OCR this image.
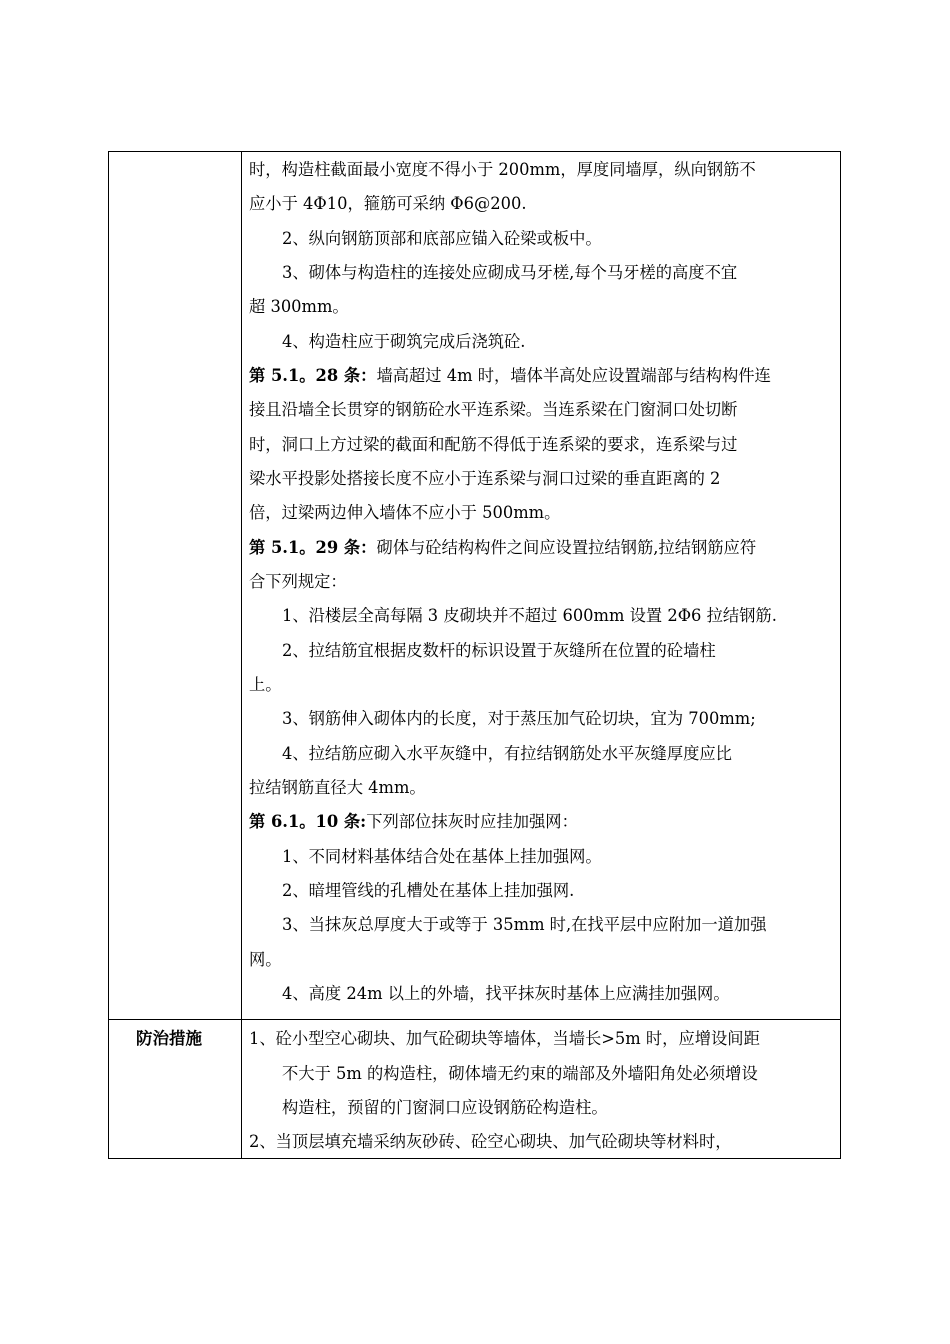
时，构造柱截面最小宽度不得小于 200mm，厚度同墙厚，纵向钢筋不
应小于 4Φ10，箍筋可采纳 Φ6@200.
2、纵向钢筋顶部和底部应锚入砼梁或板中。
3、砌体与构造柱的连接处应砌成马牙槎,每个马牙槎的高度不宜
超 300mm。
4、构造柱应于砌筑完成后浇筑砼.
第 5.1。28 条：墙高超过 4m 时，墙体半高处应设置端部与结构构件连
接且沿墙全长贯穿的钢筋砼水平连系梁。当连系梁在门窗洞口处切断
时，洞口上方过梁的截面和配筋不得低于连系梁的要求，连系梁与过
梁水平投影处搭接长度不应小于连系梁与洞口过梁的垂直距离的 2
倍，过梁两边伸入墙体不应小于 500mm。
第 5.1。29 条：砌体与砼结构构件之间应设置拉结钢筋,拉结钢筋应符
合下列规定：
1、沿楼层全高每隔 3 皮砌块并不超过 600mm 设置 2Φ6 拉结钢筋.
2、拉结筋宜根据皮数杆的标识设置于灰缝所在位置的砼墙柱
上。
3、钢筋伸入砌体内的长度，对于蒸压加气砼切块，宜为 700mm;
4、拉结筋应砌入水平灰缝中，有拉结钢筋处水平灰缝厚度应比
拉结钢筋直径大 4mm。
第 6.1。10 条:下列部位抹灰时应挂加强网：
1、不同材料基体结合处在基体上挂加强网。
2、暗埋管线的孔槽处在基体上挂加强网.
3、当抹灰总厚度大于或等于 35mm 时,在找平层中应附加一道加强
网。
4、高度 24m 以上的外墙，找平抹灰时基体上应满挂加强网。
1、砼小型空心砌块、加气砼砌块等墙体，当墙长>5m 时，应增设间距
不大于 5m 的构造柱，砌体墙无约束的端部及外墙阳角处必须增设
构造柱，预留的门窗洞口应设钢筋砼构造柱。
2、当顶层填充墙采纳灰砂砖、砼空心砌块、加气砼砌块等材料时，
防治措施
